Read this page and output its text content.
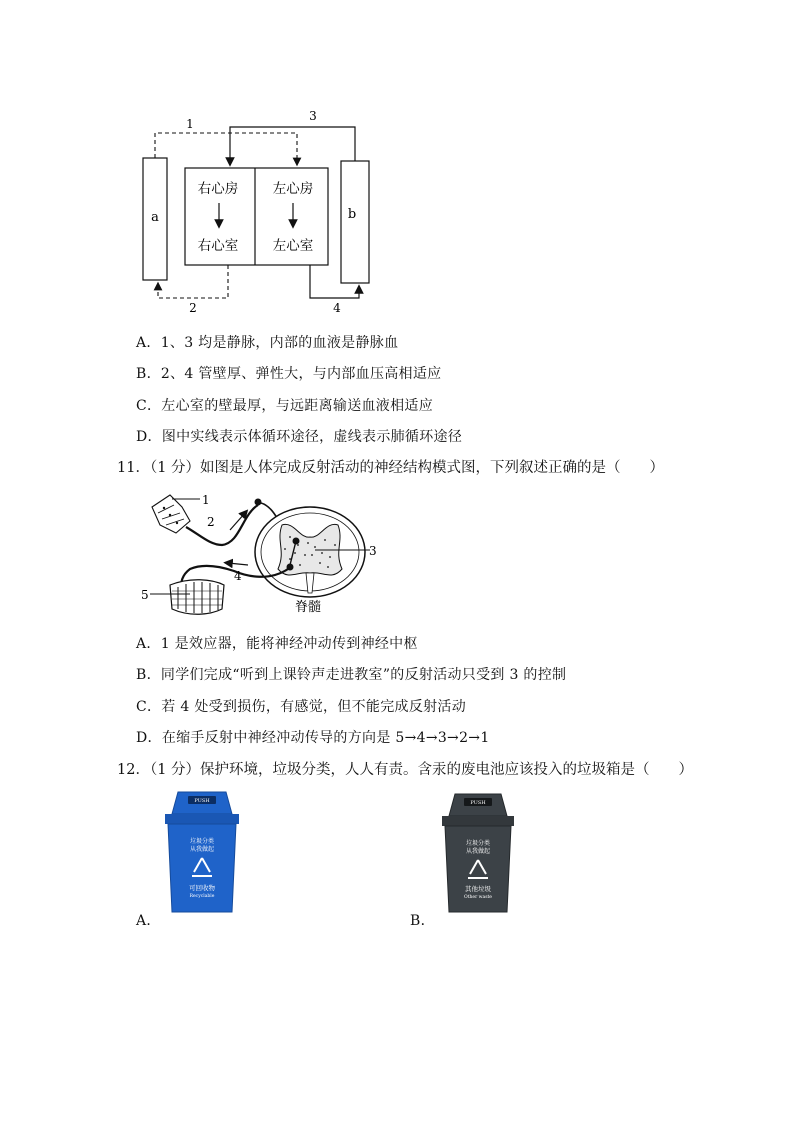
a	b
右心房	左心房
右心室	左心室
1
3
2	4
A．1、3 均是静脉，内部的血液是静脉血
B．2、4 管壁厚、弹性大，与内部血压高相适应
C．左心室的壁最厚，与远距离输送血液相适应
D．图中实线表示体循环途径，虚线表示肺循环途径
11．（1 分）如图是人体完成反射活动的神经结构模式图，下列叙述正确的是（　　）
1
2
3
4
5
脊髓
A．1 是效应器，能将神经冲动传到神经中枢
B．同学们完成“听到上课铃声走进教室”的反射活动只受到 3 的控制
C．若 4 处受到损伤，有感觉，但不能完成反射活动
D．在缩手反射中神经冲动传导的方向是 5→4→3→2→1
12．（1 分）保护环境，垃圾分类，人人有责。含汞的废电池应该投入的垃圾箱是（　　）
PUSH
垃圾分类
从我做起
可回收物
Recyclable
A．
PUSH
垃圾分类
从我做起
其他垃圾
Other waste
B．
